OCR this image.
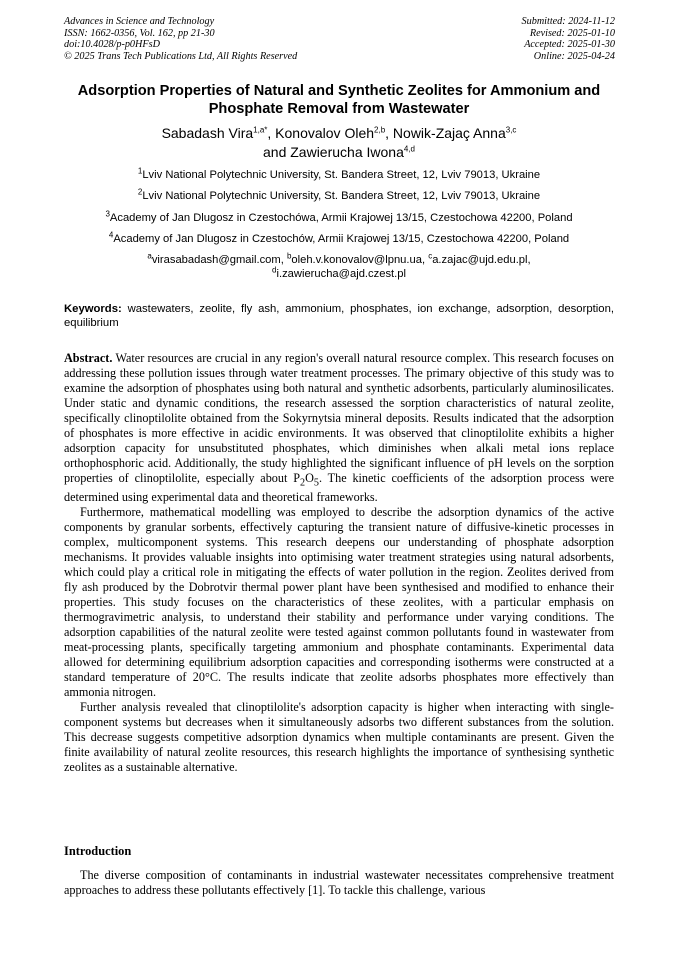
Advances in Science and Technology
ISSN: 1662-0356, Vol. 162, pp 21-30
doi:10.4028/p-p0HFsD
© 2025 Trans Tech Publications Ltd, All Rights Reserved
Submitted: 2024-11-12
Revised: 2025-01-10
Accepted: 2025-01-30
Online: 2025-04-24
Adsorption Properties of Natural and Synthetic Zeolites for Ammonium and Phosphate Removal from Wastewater
Sabadash Vira$^{1,a*}$, Konovalov Oleh$^{2,b}$, Nowik-Zajaç Anna$^{3,c}$
and Zawierucha Iwona$^{4,d}$
$^1$Lviv National Polytechnic University, St. Bandera Street, 12, Lviv 79013, Ukraine
$^2$Lviv National Polytechnic University, St. Bandera Street, 12, Lviv 79013, Ukraine
$^3$Academy of Jan Dlugosz in Czestochówa, Armii Krajowej 13/15, Czestochowa 42200, Poland
$^4$Academy of Jan Dlugosz in Czestochów, Armii Krajowej 13/15, Czestochowa 42200, Poland
$^a$virasabadash@gmail.com, $^b$oleh.v.konovalov@lpnu.ua, $^c$a.zajac@ujd.edu.pl,
$^d$i.zawierucha@ajd.czest.pl
Keywords: wastewaters, zeolite, fly ash, ammonium, phosphates, ion exchange, adsorption, desorption, equilibrium

Abstract. Water resources are crucial in any region's overall natural resource complex. This research focuses on addressing these pollution issues through water treatment processes. The primary objective of this study was to examine the adsorption of phosphates using both natural and synthetic adsorbents, particularly aluminosilicates. Under static and dynamic conditions, the research assessed the sorption characteristics of natural zeolite, specifically clinoptilolite obtained from the Sokyrnytsia mineral deposits. Results indicated that the adsorption of phosphates is more effective in acidic environments. It was observed that clinoptilolite exhibits a higher adsorption capacity for unsubstituted phosphates, which diminishes when alkali metal ions replace orthophosphoric acid. Additionally, the study highlighted the significant influence of pH levels on the sorption properties of clinoptilolite, especially about $P_2O_5$. The kinetic coefficients of the adsorption process were determined using experimental data and theoretical frameworks.

Furthermore, mathematical modelling was employed to describe the adsorption dynamics of the active components by granular sorbents, effectively capturing the transient nature of diffusive-kinetic processes in complex, multicomponent systems. This research deepens our understanding of phosphate adsorption mechanisms. It provides valuable insights into optimising water treatment strategies using natural adsorbents, which could play a critical role in mitigating the effects of water pollution in the region. Zeolites derived from fly ash produced by the Dobrotvir thermal power plant have been synthesised and modified to enhance their properties. This study focuses on the characteristics of these zeolites, with a particular emphasis on thermogravimetric analysis, to understand their stability and performance under varying conditions. The adsorption capabilities of the natural zeolite were tested against common pollutants found in wastewater from meat-processing plants, specifically targeting ammonium and phosphate contaminants. Experimental data allowed for determining equilibrium adsorption capacities and corresponding isotherms were constructed at a standard temperature of 20°C. The results indicate that zeolite adsorbs phosphates more effectively than ammonia nitrogen.

Further analysis revealed that clinoptilolite's adsorption capacity is higher when interacting with single-component systems but decreases when it simultaneously adsorbs two different substances from the solution. This decrease suggests competitive adsorption dynamics when multiple contaminants are present. Given the finite availability of natural zeolite resources, this research highlights the importance of synthesising synthetic zeolites as a sustainable alternative.

Introduction

The diverse composition of contaminants in industrial wastewater necessitates comprehensive treatment approaches to address these pollutants effectively [1]. To tackle this challenge, various
